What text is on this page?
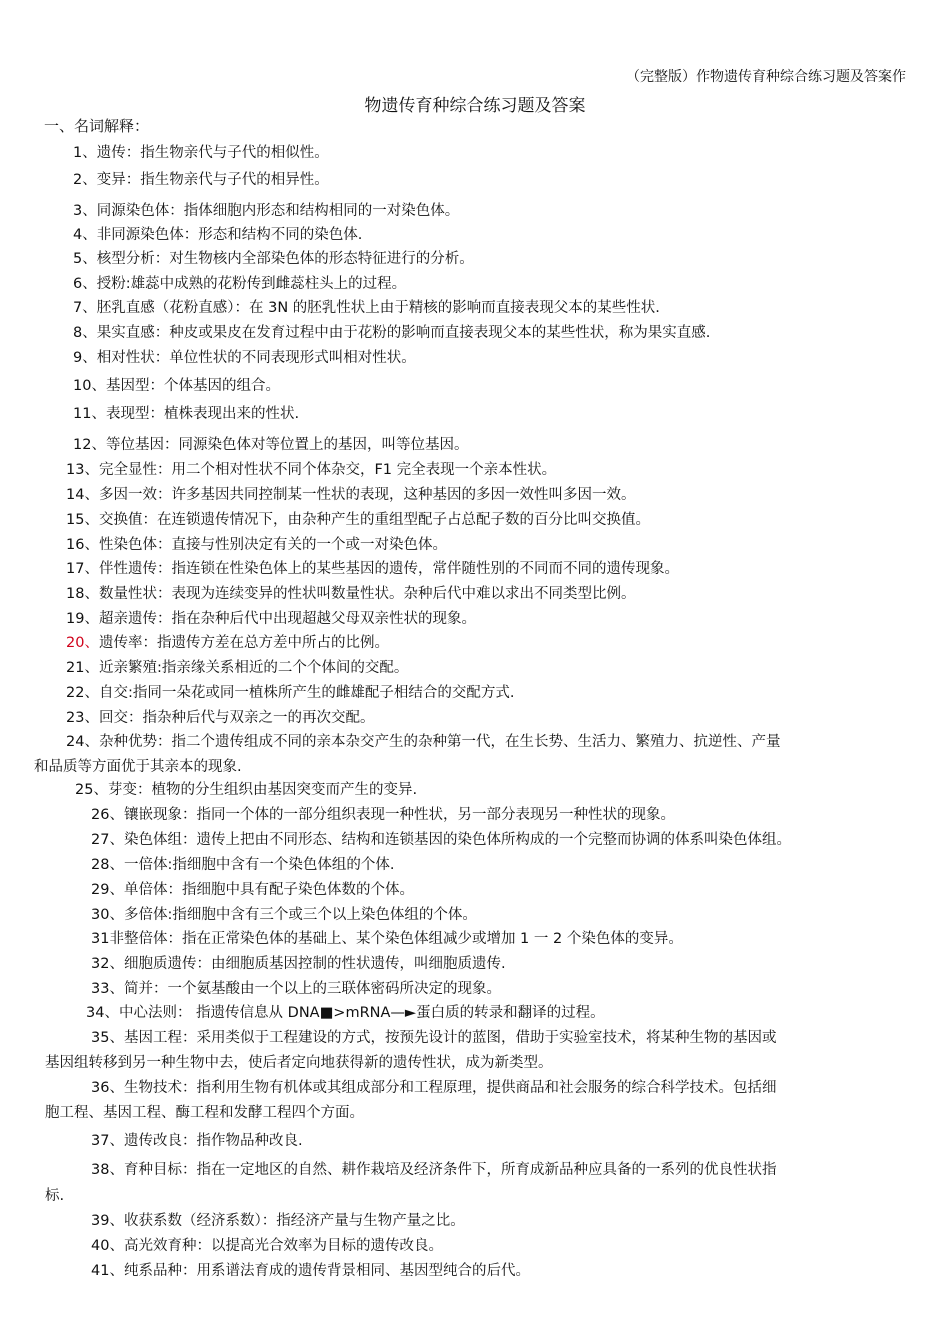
（完整版）作物遗传育种综合练习题及答案作
物遗传育种综合练习题及答案
一、名词解释：
1、遗传：指生物亲代与子代的相似性。
2、变异：指生物亲代与子代的相异性。
3、同源染色体：指体细胞内形态和结构相同的一对染色体。
4、非同源染色体：形态和结构不同的染色体.
5、核型分析：对生物核内全部染色体的形态特征进行的分析。
6、授粉:雄蕊中成熟的花粉传到雌蕊柱头上的过程。
7、胚乳直感（花粉直感）：在 3N 的胚乳性状上由于精核的影响而直接表现父本的某些性状.
8、果实直感：种皮或果皮在发育过程中由于花粉的影响而直接表现父本的某些性状，称为果实直感.
9、相对性状：单位性状的不同表现形式叫相对性状。
10、基因型：个体基因的组合。
11、表现型：植株表现出来的性状.
12、等位基因：同源染色体对等位置上的基因，叫等位基因。
13、完全显性：用二个相对性状不同个体杂交，F1 完全表现一个亲本性状。
14、多因一效：许多基因共同控制某一性状的表现，这种基因的多因一效性叫多因一效。
15、交换值：在连锁遗传情况下，由杂种产生的重组型配子占总配子数的百分比叫交换值。
16、性染色体：直接与性别决定有关的一个或一对染色体。
17、伴性遗传：指连锁在性染色体上的某些基因的遗传，常伴随性别的不同而不同的遗传现象。
18、数量性状：表现为连续变异的性状叫数量性状。杂种后代中难以求出不同类型比例。
19、超亲遗传：指在杂种后代中出现超越父母双亲性状的现象。
20、遗传率：指遗传方差在总方差中所占的比例。
21、近亲繁殖:指亲缘关系相近的二个个体间的交配。
22、自交:指同一朵花或同一植株所产生的雌雄配子相结合的交配方式.
23、回交：指杂种后代与双亲之一的再次交配。
24、杂种优势：指二个遗传组成不同的亲本杂交产生的杂种第一代，在生长势、生活力、繁殖力、抗逆性、产量
和品质等方面优于其亲本的现象.
25、芽变：植物的分生组织由基因突变而产生的变异.
26、镶嵌现象：指同一个体的一部分组织表现一种性状，另一部分表现另一种性状的现象。
27、染色体组：遗传上把由不同形态、结构和连锁基因的染色体所构成的一个完整而协调的体系叫染色体组。
28、一倍体:指细胞中含有一个染色体组的个体.
29、单倍体：指细胞中具有配子染色体数的个体。
30、多倍体:指细胞中含有三个或三个以上染色体组的个体。
31非整倍体：指在正常染色体的基础上、某个染色体组减少或增加 1 一 2 个染色体的变异。
32、细胞质遗传：由细胞质基因控制的性状遗传，叫细胞质遗传.
33、简并：一个氨基酸由一个以上的三联体密码所决定的现象。
34、中心法则： 指遗传信息从 DNA■>mRNA—►蛋白质的转录和翻译的过程。
35、基因工程：采用类似于工程建设的方式，按预先设计的蓝图，借助于实验室技术，将某种生物的基因或
基因组转移到另一种生物中去，使后者定向地获得新的遗传性状，成为新类型。
36、生物技术：指利用生物有机体或其组成部分和工程原理，提供商品和社会服务的综合科学技术。包括细
胞工程、基因工程、酶工程和发酵工程四个方面。
37、遗传改良：指作物品种改良.
38、育种目标：指在一定地区的自然、耕作栽培及经济条件下，所育成新品种应具备的一系列的优良性状指
标.
39、收获系数（经济系数）：指经济产量与生物产量之比。
40、高光效育种：以提高光合效率为目标的遗传改良。
41、纯系品种：用系谱法育成的遗传背景相同、基因型纯合的后代。
